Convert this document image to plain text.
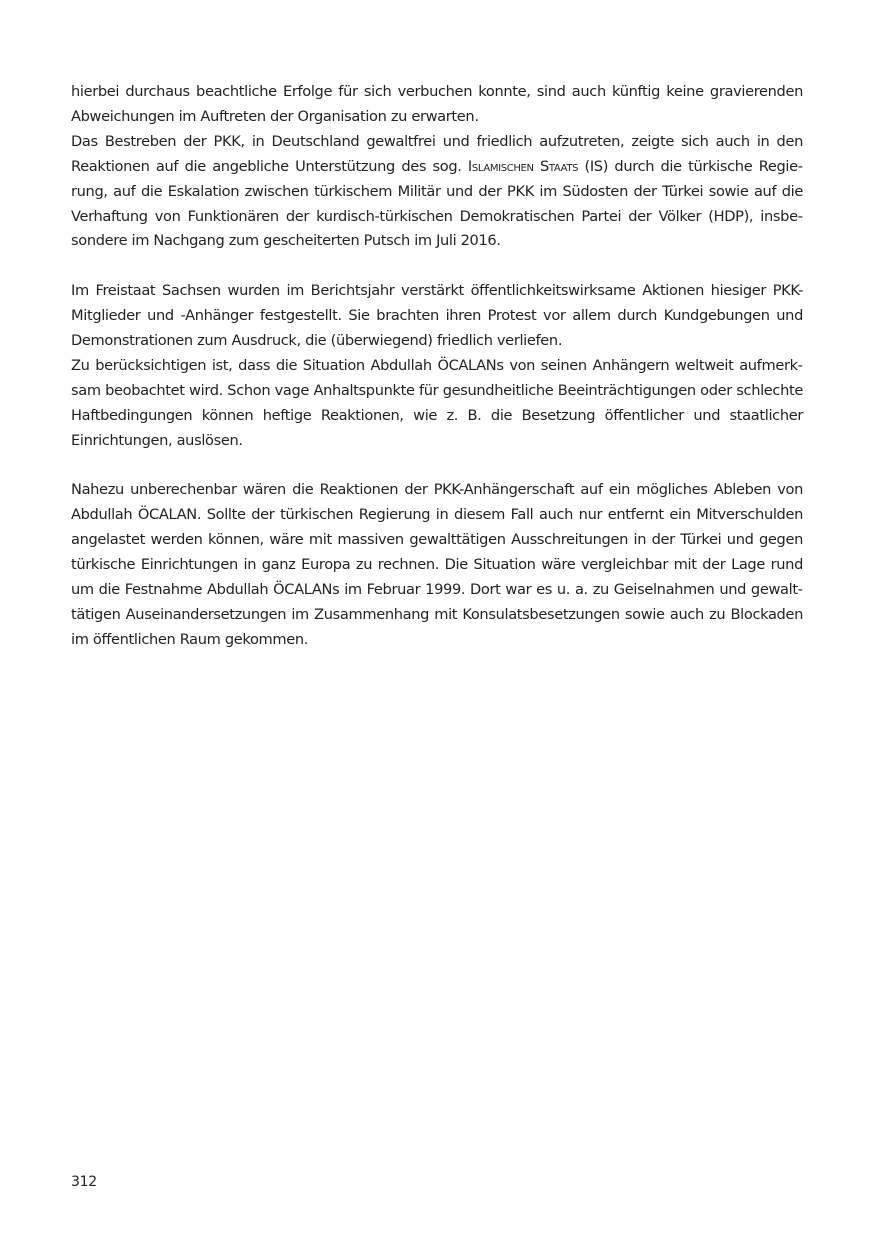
hierbei durchaus beachtliche Erfolge für sich verbuchen konnte, sind auch künftig keine gravierenden Abweichungen im Auftreten der Organisation zu erwarten.

Das Bestreben der PKK, in Deutschland gewaltfrei und friedlich aufzutreten, zeigte sich auch in den Reaktionen auf die angebliche Unterstützung des sog. Islamischen Staats (IS) durch die türkische Regierung, auf die Eskalation zwischen türkischem Militär und der PKK im Südosten der Türkei sowie auf die Verhaftung von Funktionären der kurdisch-türkischen Demokratischen Partei der Völker (HDP), insbesondere im Nachgang zum gescheiterten Putsch im Juli 2016.

Im Freistaat Sachsen wurden im Berichtsjahr verstärkt öffentlichkeitswirksame Aktionen hiesiger PKK-Mitglieder und -Anhänger festgestellt. Sie brachten ihren Protest vor allem durch Kundgebungen und Demonstrationen zum Ausdruck, die (überwiegend) friedlich verliefen.

Zu berücksichtigen ist, dass die Situation Abdullah ÖCALANs von seinen Anhängern weltweit aufmerksam beobachtet wird. Schon vage Anhaltspunkte für gesundheitliche Beeinträchtigungen oder schlechte Haftbedingungen können heftige Reaktionen, wie z. B. die Besetzung öffentlicher und staatlicher Einrichtungen, auslösen.

Nahezu unberechenbar wären die Reaktionen der PKK-Anhängerschaft auf ein mögliches Ableben von Abdullah ÖCALAN. Sollte der türkischen Regierung in diesem Fall auch nur entfernt ein Mitverschulden angelastet werden können, wäre mit massiven gewalttätigen Ausschreitungen in der Türkei und gegen türkische Einrichtungen in ganz Europa zu rechnen. Die Situation wäre vergleichbar mit der Lage rund um die Festnahme Abdullah ÖCALANs im Februar 1999. Dort war es u. a. zu Geiselnahmen und gewalttätigen Auseinandersetzungen im Zusammenhang mit Konsulatsbesetzungen sowie auch zu Blockaden im öffentlichen Raum gekommen.

312
